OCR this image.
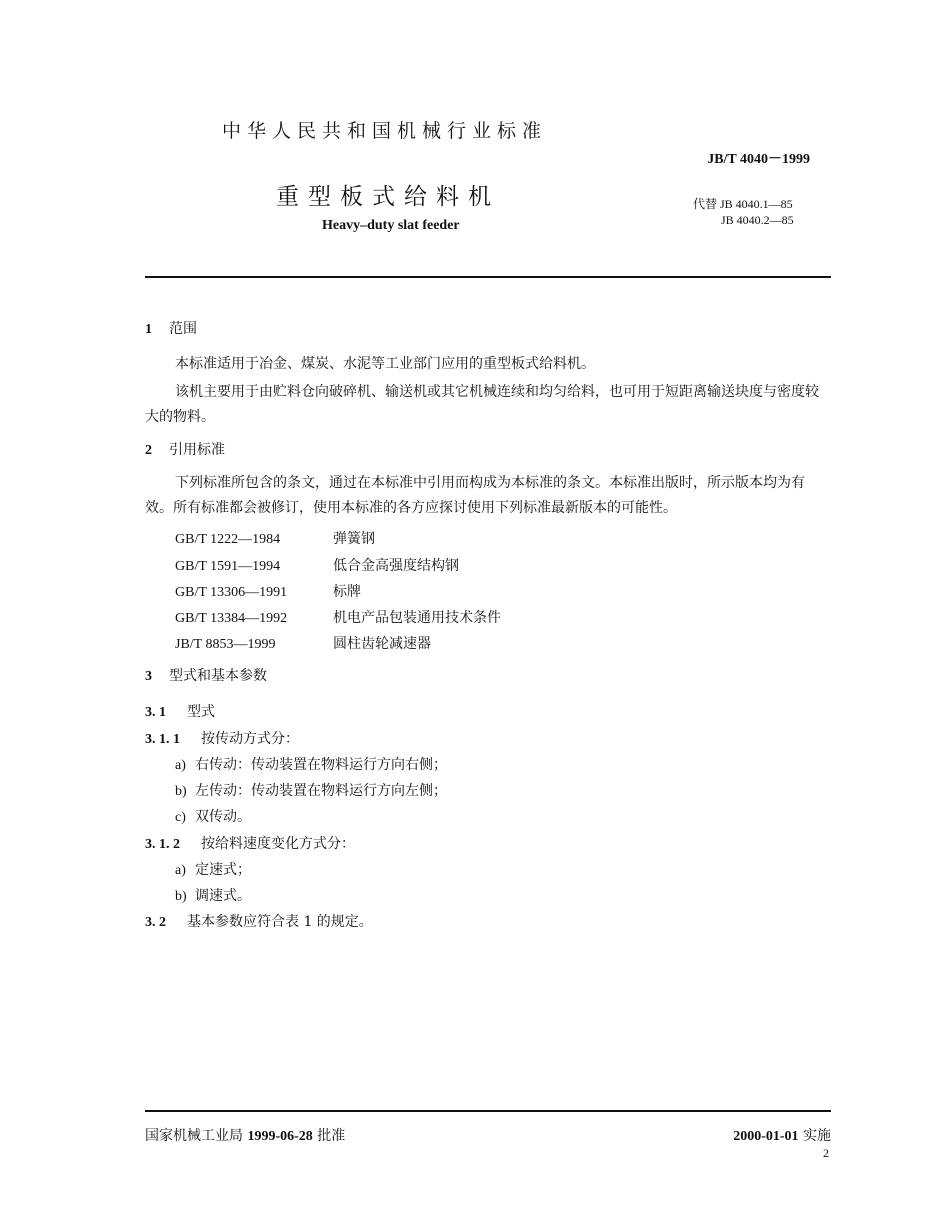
中华人民共和国机械行业标准
JB/T 4040－1999
重型板式给料机	代替 JB 4040.1—85
JB 4040.2—85
Heavy–duty slat feeder
1 范围
本标准适用于冶金、煤炭、水泥等工业部门应用的重型板式给料机。
该机主要用于由贮料仓向破碎机、输送机或其它机械连续和均匀给料，也可用于短距离输送块度与密度较大的物料。
2 引用标准
下列标准所包含的条文，通过在本标准中引用而构成为本标准的条文。本标准出版时，所示版本均为有效。所有标准都会被修订，使用本标准的各方应探讨使用下列标准最新版本的可能性。
GB/T 1222—1984	弹簧钢
GB/T 1591—1994	低合金高强度结构钢
GB/T 13306—1991	标牌
GB/T 13384—1992	机电产品包装通用技术条件
JB/T 8853—1999	圆柱齿轮减速器
3 型式和基本参数
3. 1 型式
3. 1. 1 按传动方式分：
a) 右传动：传动装置在物料运行方向右侧；
b) 左传动：传动装置在物料运行方向左侧；
c) 双传动。
3. 1. 2 按给料速度变化方式分：
a) 定速式；
b) 调速式。
3. 2 基本参数应符合表 1 的规定。
国家机械工业局 1999-06-28 批准	2000-01-01 实施
2
